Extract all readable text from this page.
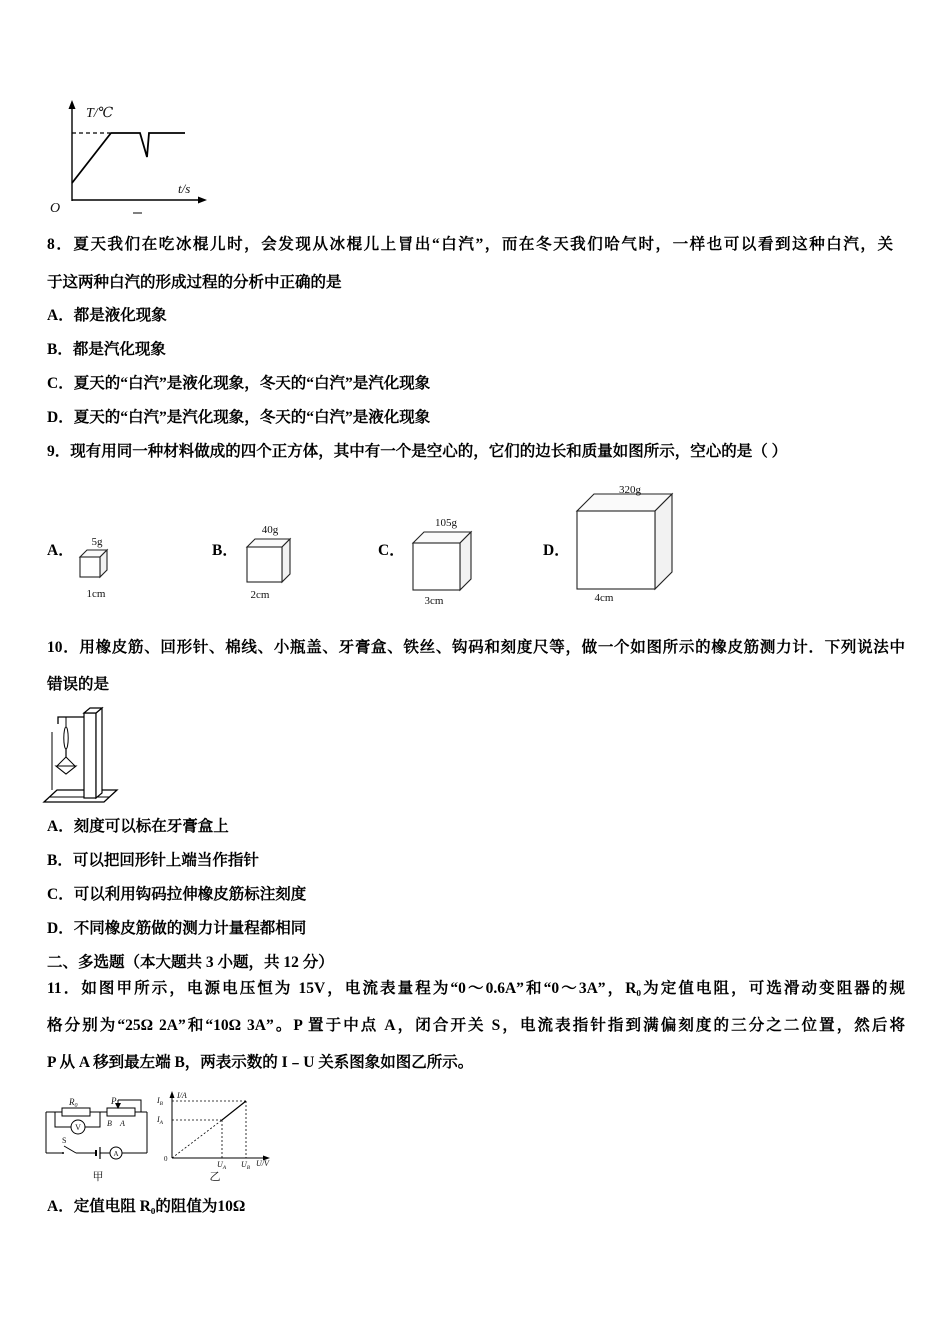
T/℃
O
t/s
8．夏天我们在吃冰棍儿时，会发现从冰棍儿上冒出“白汽”，而在冬天我们哈气时，一样也可以看到这种白汽，关
于这两种白汽的形成过程的分析中正确的是
A．都是液化现象
B．都是汽化现象
C．夏天的“白汽”是液化现象，冬天的“白汽”是汽化现象
D．夏天的“白汽”是汽化现象，冬天的“白汽”是液化现象
9．现有用同一种材料做成的四个正方体，其中有一个是空心的，它们的边长和质量如图所示，空心的是（ ）
A．	B．	C．	D．
5g
1cm
40g
2cm
105g
3cm
320g
4cm
10．用橡皮筋、回形针、棉线、小瓶盖、牙膏盒、铁丝、钩码和刻度尺等，做一个如图所示的橡皮筋测力计．下列说法中
错误的是
A．刻度可以标在牙膏盒上
B．可以把回形针上端当作指针
C．可以利用钩码拉伸橡皮筋标注刻度
D．不同橡皮筋做的测力计量程都相同
二、多选题（本大题共 3 小题，共 12 分）
11．如图甲所示，电源电压恒为 15V，电流表量程为“0～0.6A”和“0～3A”，R₀为定值电阻，可选滑动变阻器的规
格分别为“25Ω 2A”和“10Ω 3A”。P 置于中点 A，闭合开关 S，电流表指针指到满偏刻度的三分之二位置，然后将
P 从 A 移到最左端 B，两表示数的 I﹣U 关系图象如图乙所示。
$R_0$	P
B A
V
S
A
甲
I/A
$I_B$
$I_A$
0
$U_A$ $U_B$ U/V
乙
A．定值电阻 R₀的阻值为10Ω
